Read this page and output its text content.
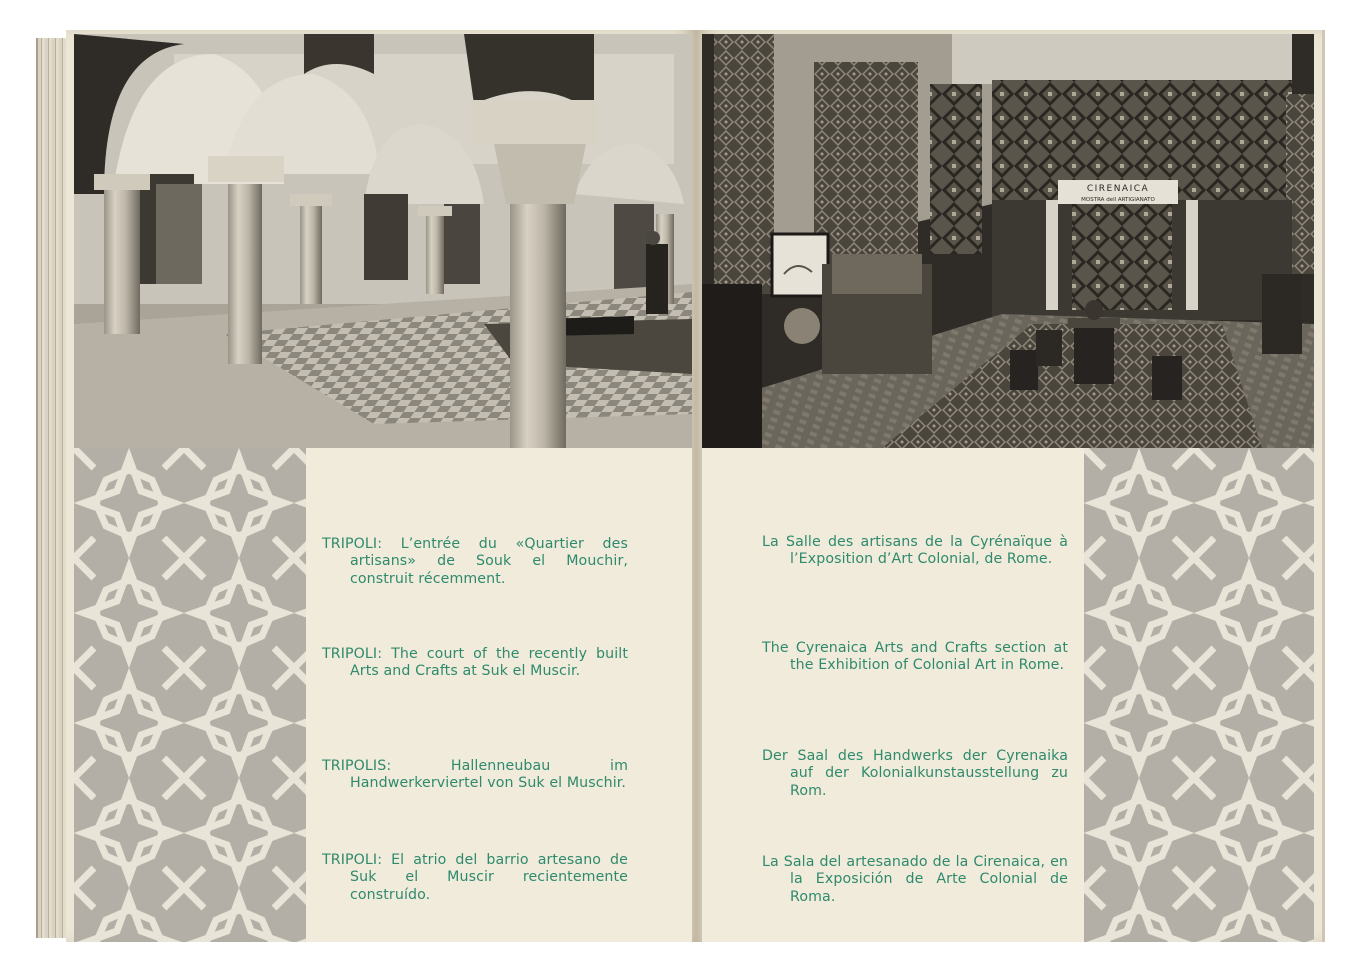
TRIPOLI: L’entrée du «Quartier des artisans» de Souk el Mouchir, construit récemment.
TRIPOLI: The court of the recently built Arts and Crafts at Suk el Muscir.
TRIPOLIS: Hallenneubau im Handwerkerviertel von Suk el Muschir.
TRIPOLI: El atrio del barrio artesano de Suk el Muscir recientemente construído.
CIRENAICA
MOSTRA dell ARTIGIANATO
La Salle des artisans de la Cyrénaïque à l’Exposition d’Art Colonial, de Rome.
The Cyrenaica Arts and Crafts section at the Exhibition of Colonial Art in Rome.
Der Saal des Handwerks der Cyrenaika auf der Kolonialkunstausstellung zu Rom.
La Sala del artesanado de la Cirenaica, en la Exposición de Arte Colonial de Roma.
